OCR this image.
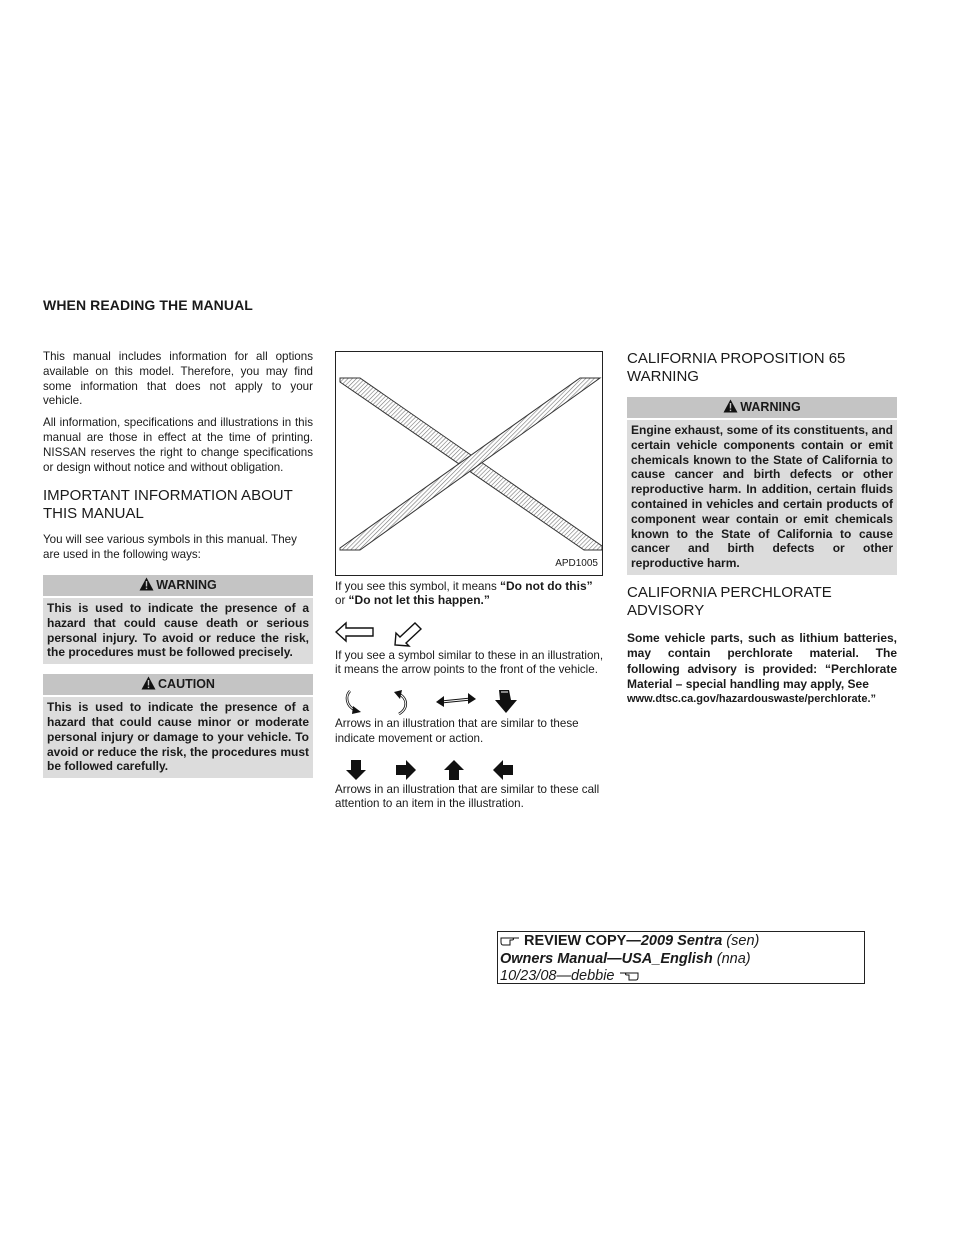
WHEN READING THE MANUAL

This manual includes information for all options available on this model. Therefore, you may find some information that does not apply to your vehicle.

All information, specifications and illustrations in this manual are those in effect at the time of printing. NISSAN reserves the right to change specifications or design without notice and without obligation.

IMPORTANT INFORMATION ABOUT THIS MANUAL

You will see various symbols in this manual. They are used in the following ways:

WARNING
This is used to indicate the presence of a hazard that could cause death or serious personal injury. To avoid or reduce the risk, the procedures must be followed precisely.
CAUTION
This is used to indicate the presence of a hazard that could cause minor or moderate personal injury or damage to your vehicle. To avoid or reduce the risk, the procedures must be followed carefully.
APD1005

If you see this symbol, it means “Do not do this” or “Do not let this happen.”

If you see a symbol similar to these in an illustration, it means the arrow points to the front of the vehicle.

Arrows in an illustration that are similar to these indicate movement or action.

Arrows in an illustration that are similar to these call attention to an item in the illustration.

CALIFORNIA PROPOSITION 65 WARNING
WARNING
Engine exhaust, some of its constituents, and certain vehicle components contain or emit chemicals known to the State of California to cause cancer and birth defects or other reproductive harm. In addition, certain fluids contained in vehicles and certain products of component wear contain or emit chemicals known to the State of California to cause cancer and birth defects or other reproductive harm.
CALIFORNIA PERCHLORATE ADVISORY

Some vehicle parts, such as lithium batteries, may contain perchlorate material. The following advisory is provided: “Perchlorate Material – special handling may apply, See

www.dtsc.ca.gov/hazardouswaste/perchlorate.”

REVIEW COPY—2009 Sentra (sen)
Owners Manual—USA_English (nna)
10/23/08—debbie
